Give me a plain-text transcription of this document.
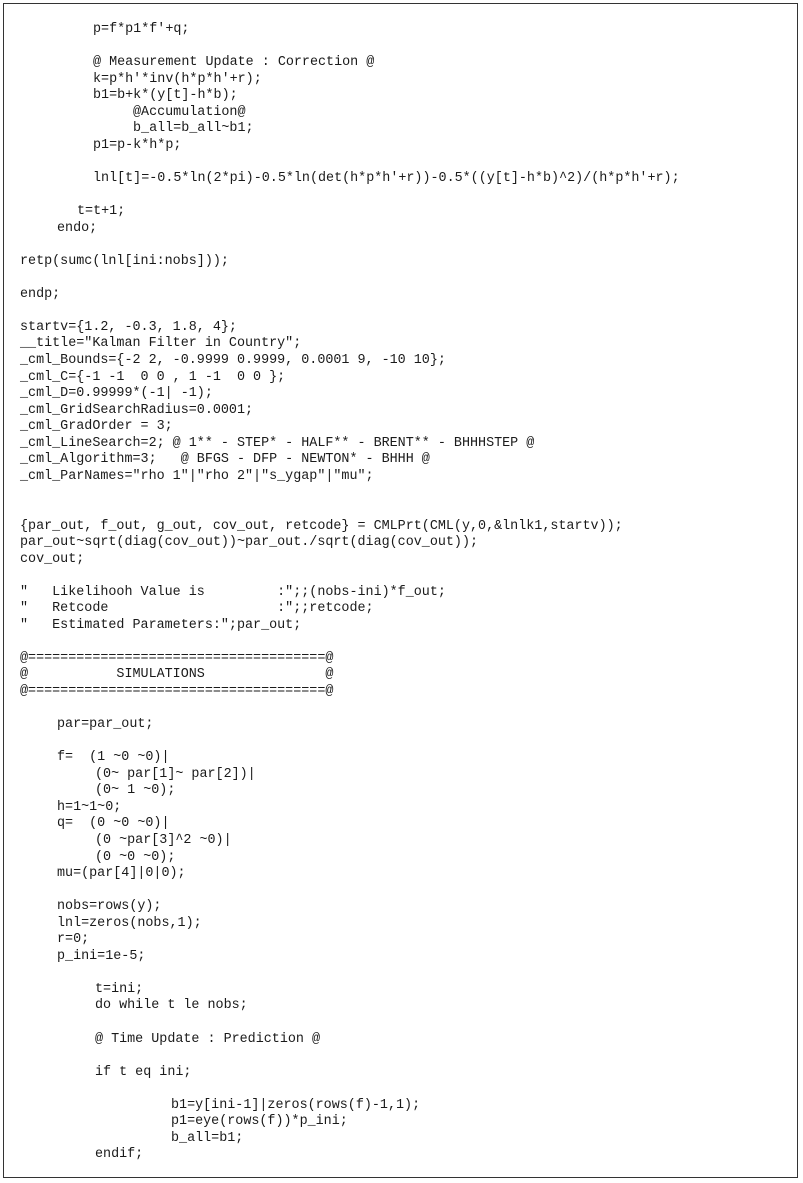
p=f*p1*f'+q;
@ Measurement Update : Correction @
k=p*h'*inv(h*p*h'+r);
b1=b+k*(y[t]-h*b);
@Accumulation@
b_all=b_all~b1;
p1=p-k*h*p;
lnl[t]=-0.5*ln(2*pi)-0.5*ln(det(h*p*h'+r))-0.5*((y[t]-h*b)^2)/(h*p*h'+r);
t=t+1;
endo;
retp(sumc(lnl[ini:nobs]));
endp;
startv={1.2, -0.3, 1.8, 4};
__title="Kalman Filter in Country";
_cml_Bounds={-2 2, -0.9999 0.9999, 0.0001 9, -10 10};
_cml_C={-1 -1  0 0 , 1 -1  0 0 };
_cml_D=0.99999*(-1| -1);
_cml_GridSearchRadius=0.0001;
_cml_GradOrder = 3;
_cml_LineSearch=2; @ 1** - STEP* - HALF** - BRENT** - BHHHSTEP @
_cml_Algorithm=3;   @ BFGS - DFP - NEWTON* - BHHH @
_cml_ParNames="rho 1"|"rho 2"|"s_ygap"|"mu";
{par_out, f_out, g_out, cov_out, retcode} = CMLPrt(CML(y,0,&lnlk1,startv));
par_out~sqrt(diag(cov_out))~par_out./sqrt(diag(cov_out));
cov_out;
"   Likelihooh Value is         :";;(nobs-ini)*f_out;
"   Retcode                     :";;retcode;
"   Estimated Parameters:";par_out;
@=====================================@
@           SIMULATIONS               @
@=====================================@
par=par_out;
f=  (1 ~0 ~0)|
(0~ par[1]~ par[2])|
(0~ 1 ~0);
h=1~1~0;
q=  (0 ~0 ~0)|
(0 ~par[3]^2 ~0)|
(0 ~0 ~0);
mu=(par[4]|0|0);
nobs=rows(y);
lnl=zeros(nobs,1);
r=0;
p_ini=1e-5;
t=ini;
do while t le nobs;
@ Time Update : Prediction @
if t eq ini;
b1=y[ini-1]|zeros(rows(f)-1,1);
p1=eye(rows(f))*p_ini;
b_all=b1;
endif;
